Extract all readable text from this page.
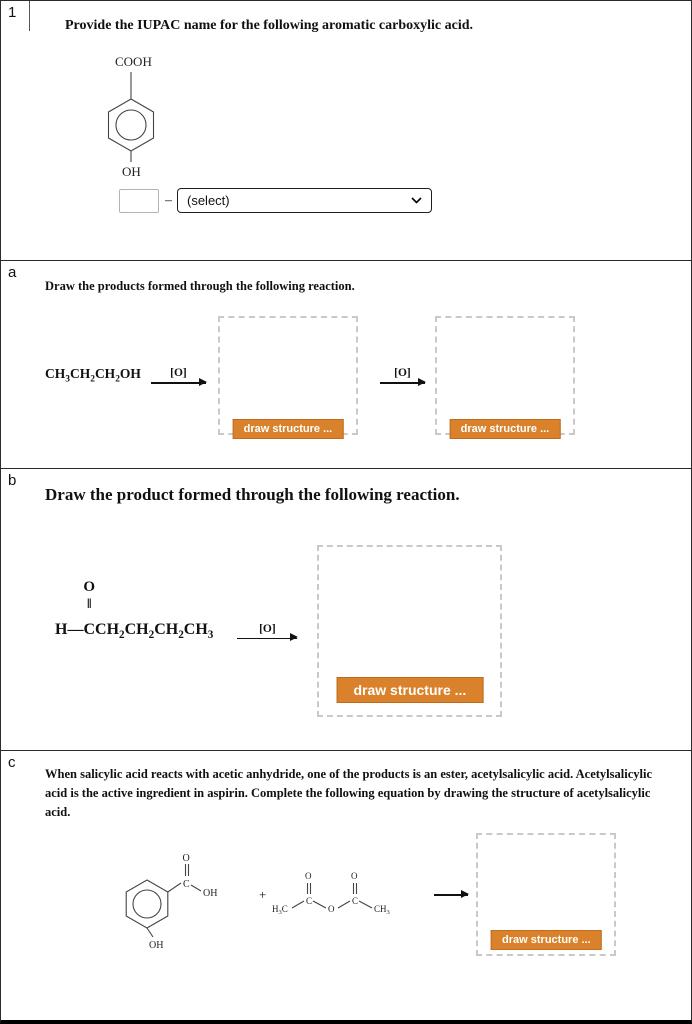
1

Provide the IUPAC name for the following aromatic carboxylic acid.

COOH
OH
– (select)
a

Draw the products formed through the following reaction.

$CH_3CH_2CH_2OH$	[O]
draw structure ...
[O]
draw structure ...
b

Draw the product formed through the following reaction.

H—
O
‖
$CCH_2CH_2CH_2CH_3$
[O]
draw structure ...
c

When salicylic acid reacts with acetic anhydride, one of the products is an ester, acetylsalicylic acid. Acetylsalicylic acid is the active ingredient in aspirin. Complete the following equation by drawing the structure of acetylsalicylic acid.

C
O
OH
OH
+
$H_3C$
C
O
O
C
O
$CH_3$
draw structure ...
